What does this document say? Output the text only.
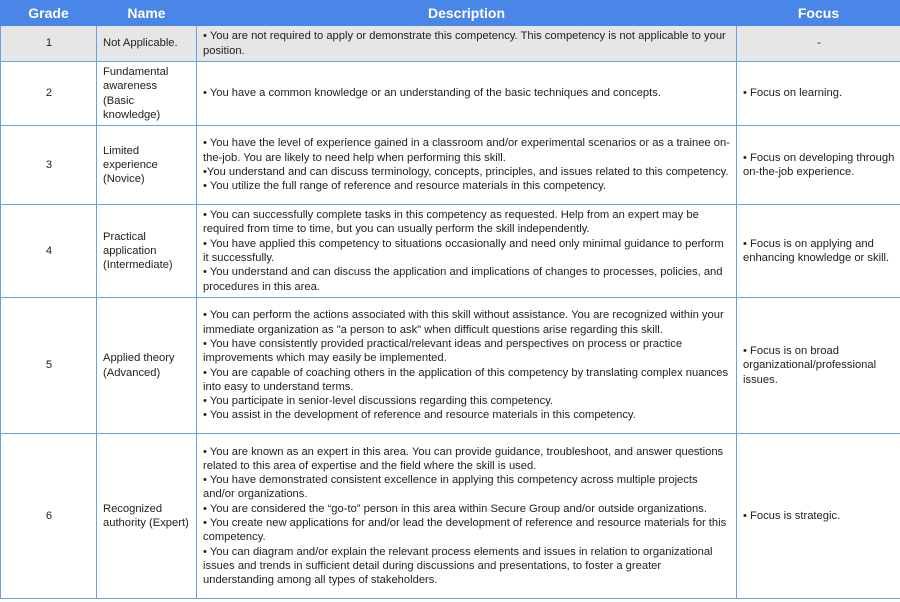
Grade	Name	Description	Focus
1	Not Applicable.	• You are not required to apply or demonstrate this competency. This competency is not applicable to your position.	-
2	Fundamental awareness (Basic knowledge)	• You have a common knowledge or an understanding of the basic techniques and concepts.	• Focus on learning.
3	Limited experience (Novice)	• You have the level of experience gained in a classroom and/or experimental scenarios or as a trainee on-the-job. You are likely to need help when performing this skill.
•You understand and can discuss terminology, concepts, principles, and issues related to this competency.
• You utilize the full range of reference and resource materials in this competency.	• Focus on developing through on-the-job experience.
4	Practical application (Intermediate)	• You can successfully complete tasks in this competency as requested. Help from an expert may be required from time to time, but you can usually perform the skill independently.
• You have applied this competency to situations occasionally and need only minimal guidance to perform it successfully.
• You understand and can discuss the application and implications of changes to processes, policies, and procedures in this area.	• Focus is on applying and enhancing knowledge or skill.
5	Applied theory (Advanced)	• You can perform the actions associated with this skill without assistance. You are recognized within your immediate organization as "a person to ask" when difficult questions arise regarding this skill.
• You have consistently provided practical/relevant ideas and perspectives on process or practice improvements which may easily be implemented.
• You are capable of coaching others in the application of this competency by translating complex nuances into easy to understand terms.
• You participate in senior-level discussions regarding this competency.
• You assist in the development of reference and resource materials in this competency.	• Focus is on broad organizational/professional issues.
6	Recognized authority (Expert)	• You are known as an expert in this area. You can provide guidance, troubleshoot, and answer questions related to this area of expertise and the field where the skill is used.
• You have demonstrated consistent excellence in applying this competency across multiple projects and/or organizations.
• You are considered the “go-to” person in this area within Secure Group and/or outside organizations.
• You create new applications for and/or lead the development of reference and resource materials for this competency.
• You can diagram and/or explain the relevant process elements and issues in relation to organizational issues and trends in sufficient detail during discussions and presentations, to foster a greater understanding among all types of stakeholders.	• Focus is strategic.
